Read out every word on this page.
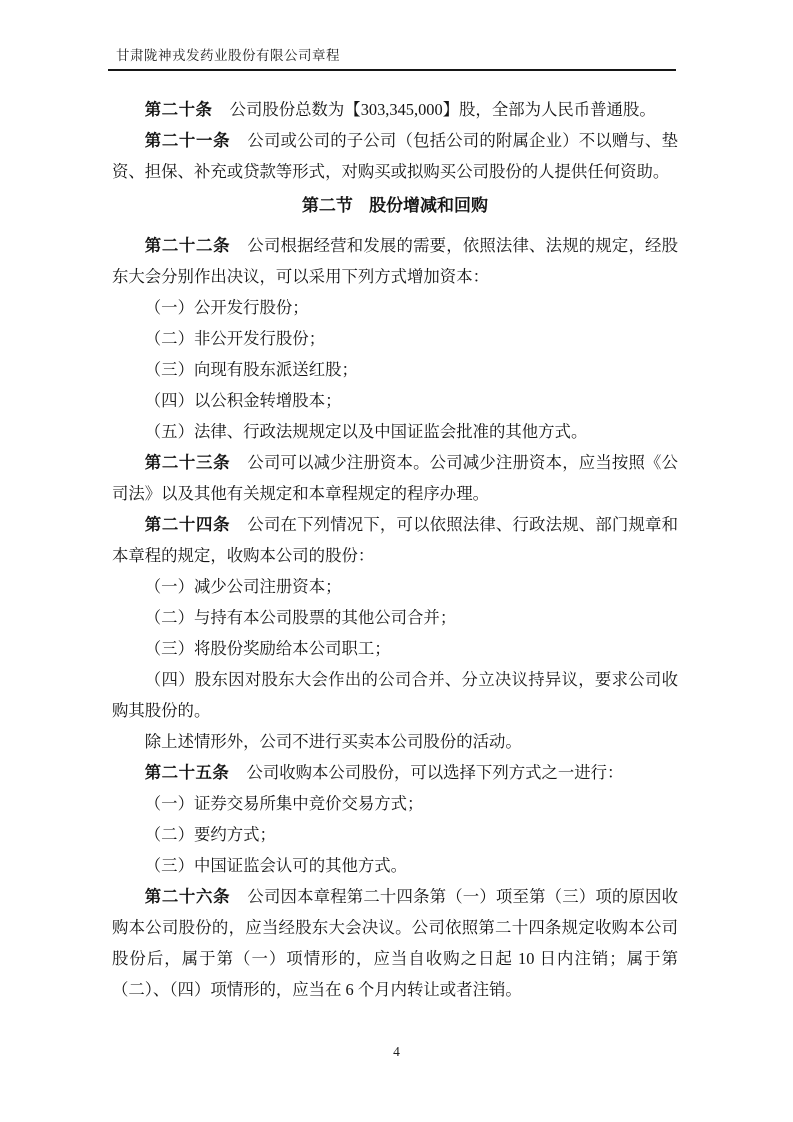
甘肃陇神戎发药业股份有限公司章程

第二十条 公司股份总数为【303,345,000】股，全部为人民币普通股。

第二十一条 公司或公司的子公司（包括公司的附属企业）不以赠与、垫资、担保、补充或贷款等形式，对购买或拟购买公司股份的人提供任何资助。

第二节 股份增减和回购

第二十二条 公司根据经营和发展的需要，依照法律、法规的规定，经股东大会分别作出决议，可以采用下列方式增加资本：

（一）公开发行股份；

（二）非公开发行股份；

（三）向现有股东派送红股；

（四）以公积金转增股本；

（五）法律、行政法规规定以及中国证监会批准的其他方式。

第二十三条 公司可以减少注册资本。公司减少注册资本，应当按照《公司法》以及其他有关规定和本章程规定的程序办理。

第二十四条 公司在下列情况下，可以依照法律、行政法规、部门规章和本章程的规定，收购本公司的股份：

（一）减少公司注册资本；

（二）与持有本公司股票的其他公司合并；

（三）将股份奖励给本公司职工；

（四）股东因对股东大会作出的公司合并、分立决议持异议，要求公司收购其股份的。

除上述情形外，公司不进行买卖本公司股份的活动。

第二十五条 公司收购本公司股份，可以选择下列方式之一进行：

（一）证券交易所集中竞价交易方式；

（二）要约方式；

（三）中国证监会认可的其他方式。

第二十六条 公司因本章程第二十四条第（一）项至第（三）项的原因收购本公司股份的，应当经股东大会决议。公司依照第二十四条规定收购本公司股份后，属于第（一）项情形的，应当自收购之日起 10 日内注销；属于第（二）、（四）项情形的，应当在 6 个月内转让或者注销。

4
